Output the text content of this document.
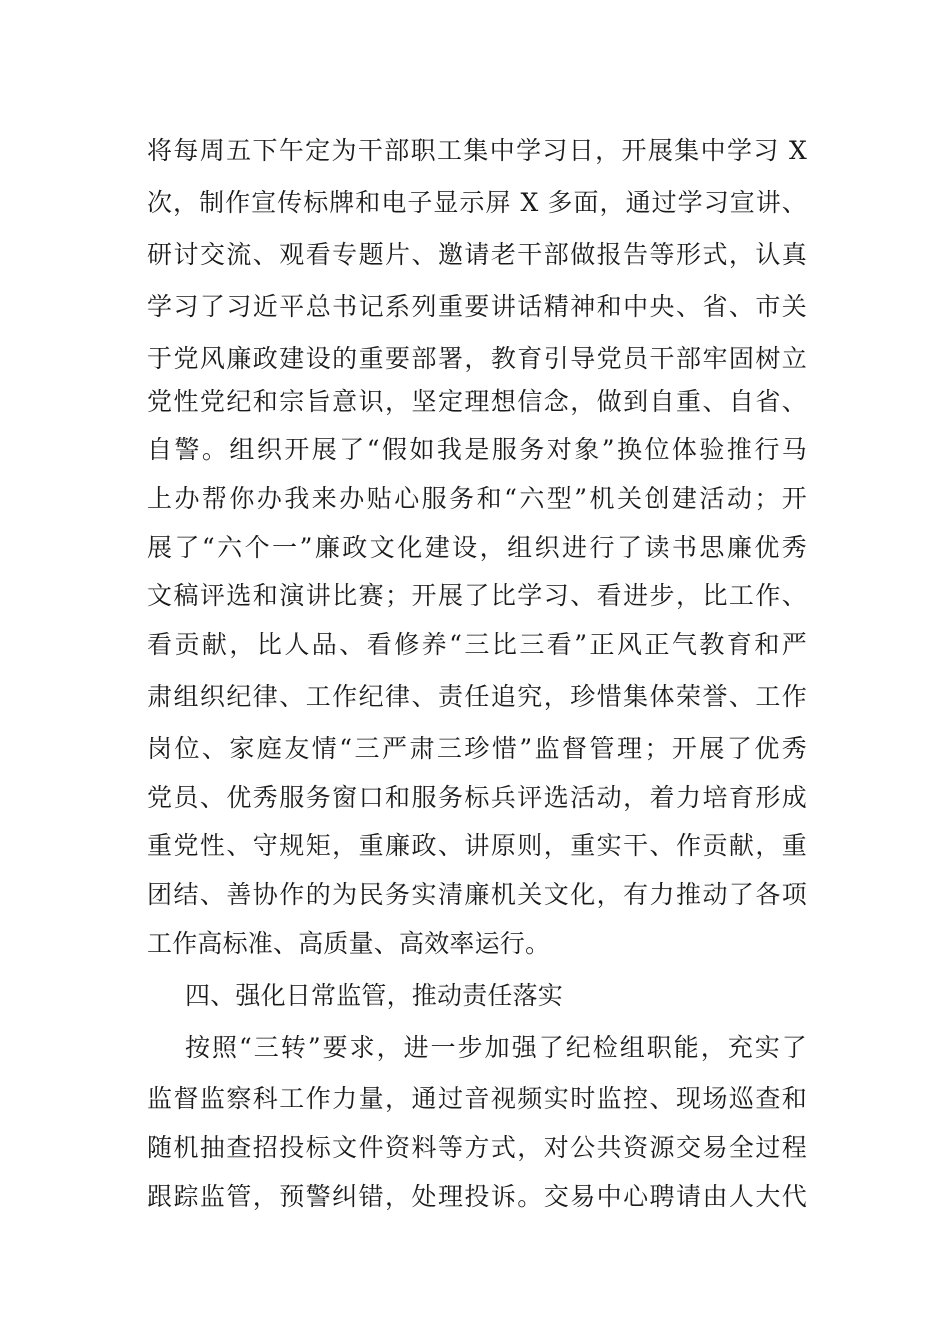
将每周五下午定为干部职工集中学习日，开展集中学习 X
次，制作宣传标牌和电子显示屏 X 多面，通过学习宣讲、
研讨交流、观看专题片、邀请老干部做报告等形式，认真
学习了习近平总书记系列重要讲话精神和中央、省、市关
于党风廉政建设的重要部署，教育引导党员干部牢固树立
党性党纪和宗旨意识，坚定理想信念，做到自重、自省、
自警。组织开展了“假如我是服务对象”换位体验推行马
上办帮你办我来办贴心服务和“六型”机关创建活动；开
展了“六个一”廉政文化建设，组织进行了读书思廉优秀
文稿评选和演讲比赛；开展了比学习、看进步，比工作、
看贡献，比人品、看修养“三比三看”正风正气教育和严
肃组织纪律、工作纪律、责任追究，珍惜集体荣誉、工作
岗位、家庭友情“三严肃三珍惜”监督管理；开展了优秀
党员、优秀服务窗口和服务标兵评选活动，着力培育形成
重党性、守规矩，重廉政、讲原则，重实干、作贡献，重
团结、善协作的为民务实清廉机关文化，有力推动了各项
工作高标准、高质量、高效率运行。
四、强化日常监管，推动责任落实
按照“三转”要求，进一步加强了纪检组职能，充实了
监督监察科工作力量，通过音视频实时监控、现场巡查和
随机抽查招投标文件资料等方式，对公共资源交易全过程
跟踪监管，预警纠错，处理投诉。交易中心聘请由人大代
